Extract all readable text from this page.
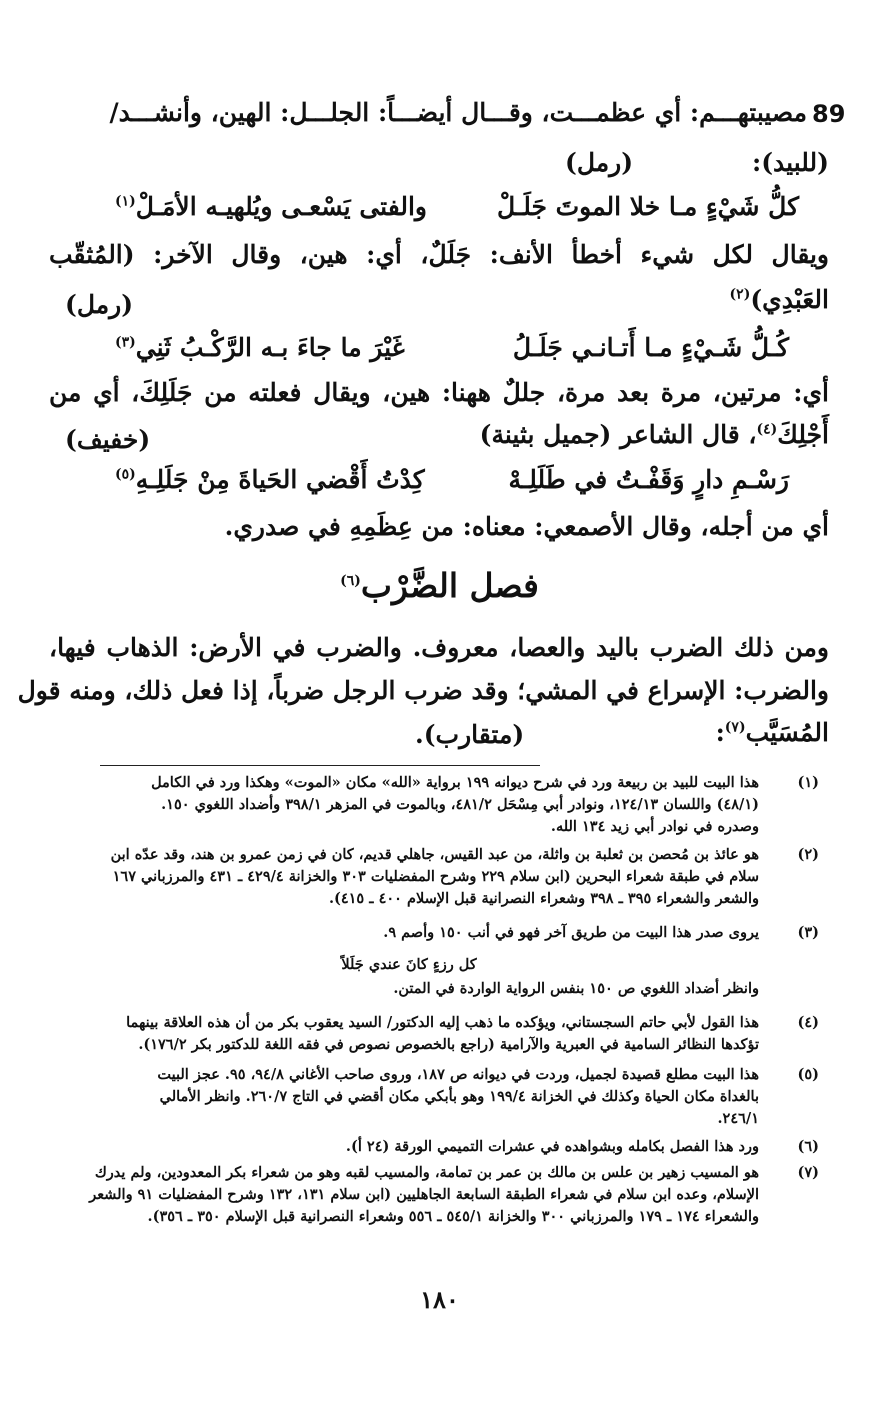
89
مصيبتهـــم: أي عظمـــت، وقـــال أيضـــاً: الجلـــل: الهين، وأنشـــد/
(للبيد):
(رمل)
كلُّ شَيْءٍ مـا خلا الموتَ جَلَـلْ
والفتى يَسْعـى ويُلهيـه الأمَـلْ$^{(١)}$
ويقال لكل شيء أخطأ الأنف: جَلَلٌ، أي: هين، وقال الآخر: (المُثقّب
العَبْدِي)$^{(٢)}$
(رمل)
كُـلُّ شَـيْءٍ مـا أَتـانـي جَلَـلُ
غَيْرَ ما جاءَ بـه الرَّكْـبُ ثَنِي$^{(٣)}$
أي: مرتين، مرة بعد مرة، جللٌ ههنا: هين، ويقال فعلته من جَلَلِكَ، أي من
أَجْلِكَ$^{(٤)}$، قال الشاعر (جميل بثينة)
(خفيف)
رَسْـمِ دارٍ وَقَفْـتُ في طَلَلِـهْ
كِدْتُ أَقْضي الحَياةَ مِنْ جَلَلِـهِ$^{(٥)}$
أي من أجله، وقال الأصمعي: معناه: من عِظَمِهِ في صدري.
فصل الضَّرْب$^{(٦)}$
ومن ذلك الضرب باليد والعصا، معروف. والضرب في الأرض: الذهاب فيها،
والضرب: الإسراع في المشي؛ وقد ضرب الرجل ضرباً، إذا فعل ذلك، ومنه قول
المُسَيَّب$^{(٧)}$:
(متقارب).
(١)
هذا البيت للبيد بن ربيعة ورد في شرح ديوانه ١٩٩ برواية «الله» مكان «الموت» وهكذا ورد في الكامل
(٤٨/١) واللسان ١٢٤/١٣، ونوادر أبي مِسْحَل ٤٨١/٢، وبالموت في المزهر ٣٩٨/١ وأضداد اللغوي ١٥٠.
وصدره في نوادر أبي زيد ١٣٤ الله.
(٢)
هو عائذ بن مُحصن بن ثعلبة بن واثلة، من عبد القيس، جاهلي قديم، كان في زمن عمرو بن هند، وقد عدّه ابن
سلام في طبقة شعراء البحرين (ابن سلام ٢٢٩ وشرح المفضليات ٣٠٣ والخزانة ٤٢٩/٤ ـ ٤٣١ والمرزباني ١٦٧
والشعر والشعراء ٣٩٥ ـ ٣٩٨ وشعراء النصرانية قبل الإسلام ٤٠٠ ـ ٤١٥).
(٣)
يروى صدر هذا البيت من طريق آخر فهو في أنب ١٥٠ وأصم ٩.
كل رزءٍ كانَ عندي جَلَلاً
وانظر أضداد اللغوي ص ١٥٠ بنفس الرواية الواردة في المتن.
(٤)
هذا القول لأبي حاتم السجستاني، ويؤكده ما ذهب إليه الدكتور/ السيد يعقوب بكر من أن هذه العلاقة بينهما
تؤكدها النظائر السامية في العبرية والآرامية (راجع بالخصوص نصوص في فقه اللغة للدكتور بكر ١٧٦/٢).
(٥)
هذا البيت مطلع قصيدة لجميل، وردت في ديوانه ص ١٨٧، وروى صاحب الأغاني ٩٤/٨، ٩٥. عجز البيت
بالغداة مكان الحياة وكذلك في الخزانة ١٩٩/٤ وهو بأبكي مكان أقضي في التاج ٢٦٠/٧. وانظر الأمالي
٢٤٦/١.
(٦)
ورد هذا الفصل بكامله وبشواهده في عشرات التميمي الورقة (٢٤ أ).
(٧)
هو المسيب زهير بن علس بن مالك بن عمر بن تمامة، والمسيب لقبه وهو من شعراء بكر المعدودين، ولم يدرك
الإسلام، وعده ابن سلام في شعراء الطبقة السابعة الجاهليين (ابن سلام ١٣١، ١٣٢ وشرح المفضليات ٩١ والشعر
والشعراء ١٧٤ ـ ١٧٩ والمرزباني ٣٠٠ والخزانة ٥٤٥/١ ـ ٥٥٦ وشعراء النصرانية قبل الإسلام ٣٥٠ ـ ٣٥٦).
١٨٠
